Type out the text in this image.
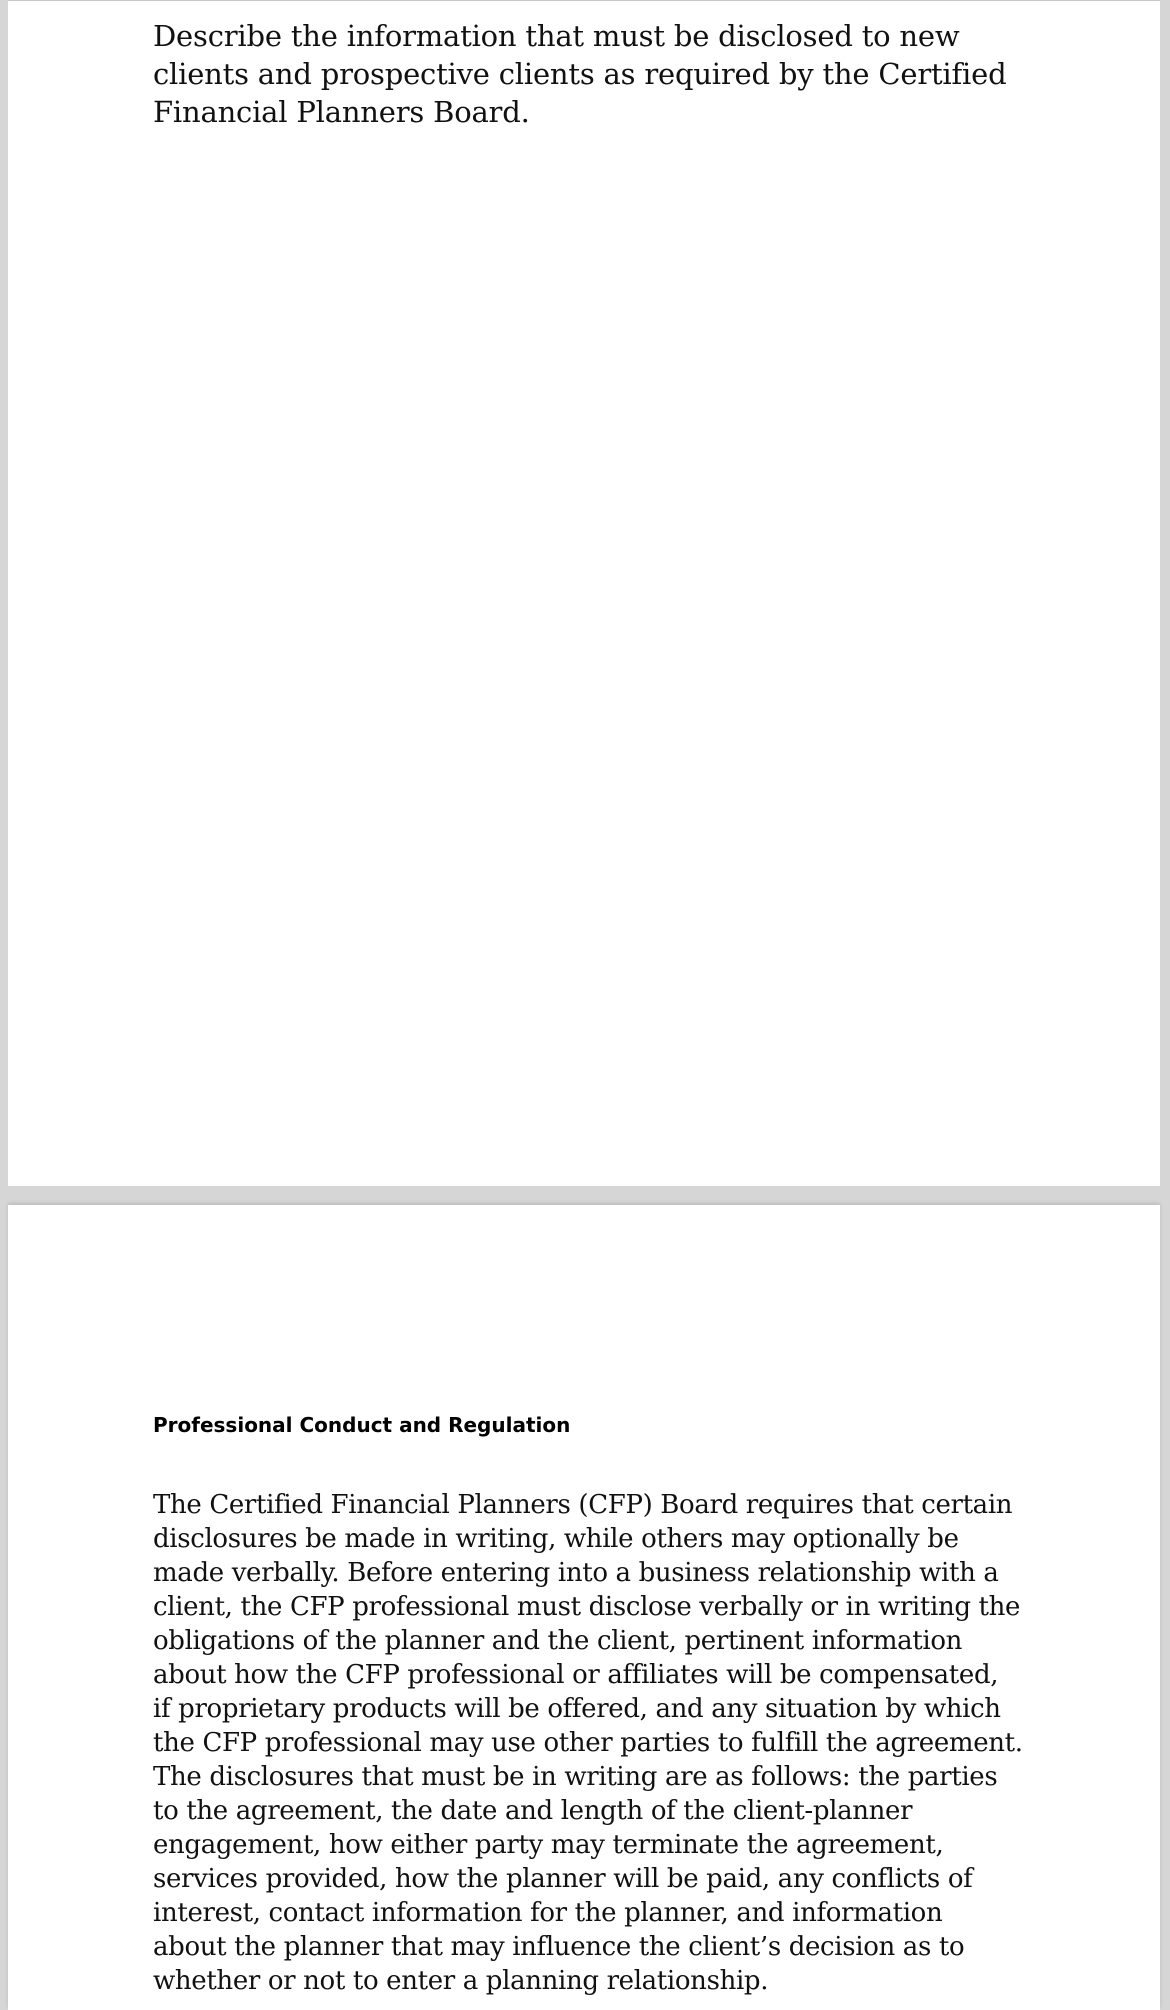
Describe the information that must be disclosed to new clients and prospective clients as required by the Certified Financial Planners Board.

Professional Conduct and Regulation

The Certified Financial Planners (CFP) Board requires that certain disclosures be made in writing, while others may optionally be made verbally. Before entering into a business relationship with a client, the CFP professional must disclose verbally or in writing the obligations of the planner and the client, pertinent information about how the CFP professional or affiliates will be compensated, if proprietary products will be offered, and any situation by which the CFP professional may use other parties to fulfill the agreement. The disclosures that must be in writing are as follows: the parties to the agreement, the date and length of the client-planner engagement, how either party may terminate the agreement, services provided, how the planner will be paid, any conflicts of interest, contact information for the planner, and information about the planner that may influence the client’s decision as to whether or not to enter a planning relationship.
